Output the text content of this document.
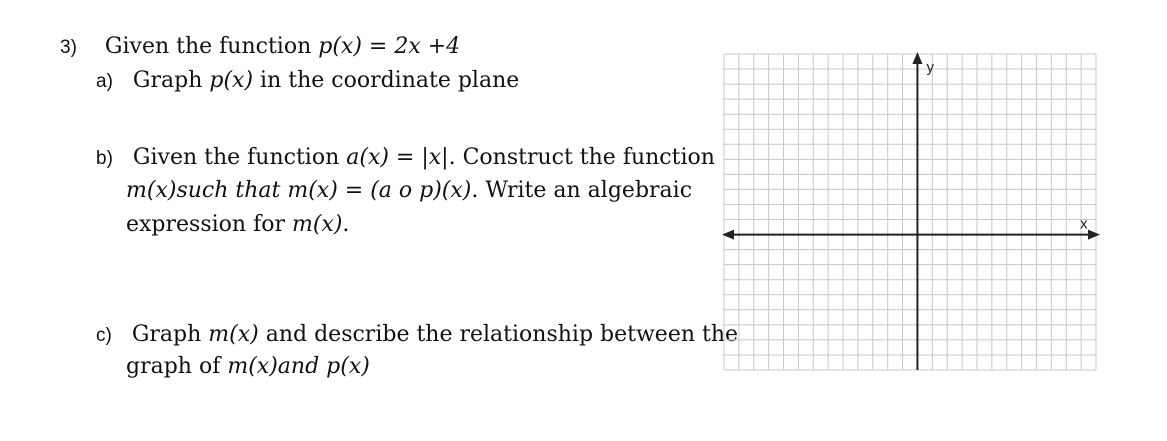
3) Given the function p(x) = 2x +4
a) Graph p(x) in the coordinate plane
b) Given the function a(x) = |x|. Construct the function
m(x)such that m(x) = (a o p)(x). Write an algebraic
expression for m(x).
c) Graph m(x) and describe the relationship between the
graph of m(x)and p(x)
x
y
